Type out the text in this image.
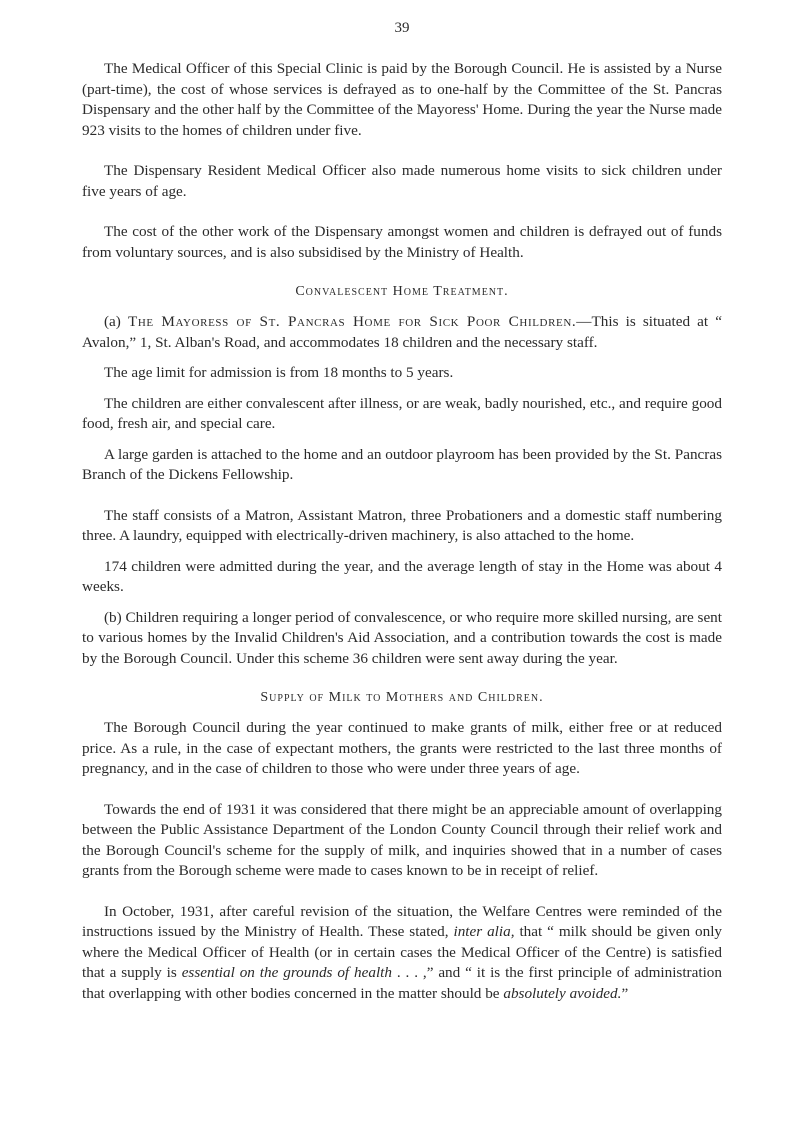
39

The Medical Officer of this Special Clinic is paid by the Borough Council. He is assisted by a Nurse (part-time), the cost of whose services is defrayed as to one-half by the Committee of the St. Pancras Dispensary and the other half by the Committee of the Mayoress' Home. During the year the Nurse made 923 visits to the homes of children under five.

The Dispensary Resident Medical Officer also made numerous home visits to sick children under five years of age.

The cost of the other work of the Dispensary amongst women and children is defrayed out of funds from voluntary sources, and is also subsidised by the Ministry of Health.

Convalescent Home Treatment.

(a) The Mayoress of St. Pancras Home for Sick Poor Children.—This is situated at “ Avalon,” 1, St. Alban's Road, and accommodates 18 children and the necessary staff.

The age limit for admission is from 18 months to 5 years.

The children are either convalescent after illness, or are weak, badly nourished, etc., and require good food, fresh air, and special care.

A large garden is attached to the home and an outdoor playroom has been provided by the St. Pancras Branch of the Dickens Fellowship.

The staff consists of a Matron, Assistant Matron, three Probationers and a domestic staff numbering three. A laundry, equipped with electrically-driven machinery, is also attached to the home.

174 children were admitted during the year, and the average length of stay in the Home was about 4 weeks.

(b) Children requiring a longer period of convalescence, or who require more skilled nursing, are sent to various homes by the Invalid Children's Aid Association, and a contribution towards the cost is made by the Borough Council. Under this scheme 36 children were sent away during the year.

Supply of Milk to Mothers and Children.

The Borough Council during the year continued to make grants of milk, either free or at reduced price. As a rule, in the case of expectant mothers, the grants were restricted to the last three months of pregnancy, and in the case of children to those who were under three years of age.

Towards the end of 1931 it was considered that there might be an appreciable amount of overlapping between the Public Assistance Department of the London County Council through their relief work and the Borough Council's scheme for the supply of milk, and inquiries showed that in a number of cases grants from the Borough scheme were made to cases known to be in receipt of relief.

In October, 1931, after careful revision of the situation, the Welfare Centres were reminded of the instructions issued by the Ministry of Health. These stated, inter alia, that “ milk should be given only where the Medical Officer of Health (or in certain cases the Medical Officer of the Centre) is satisfied that a supply is essential on the grounds of health . . . ,” and “ it is the first principle of administration that overlapping with other bodies concerned in the matter should be absolutely avoided.”
